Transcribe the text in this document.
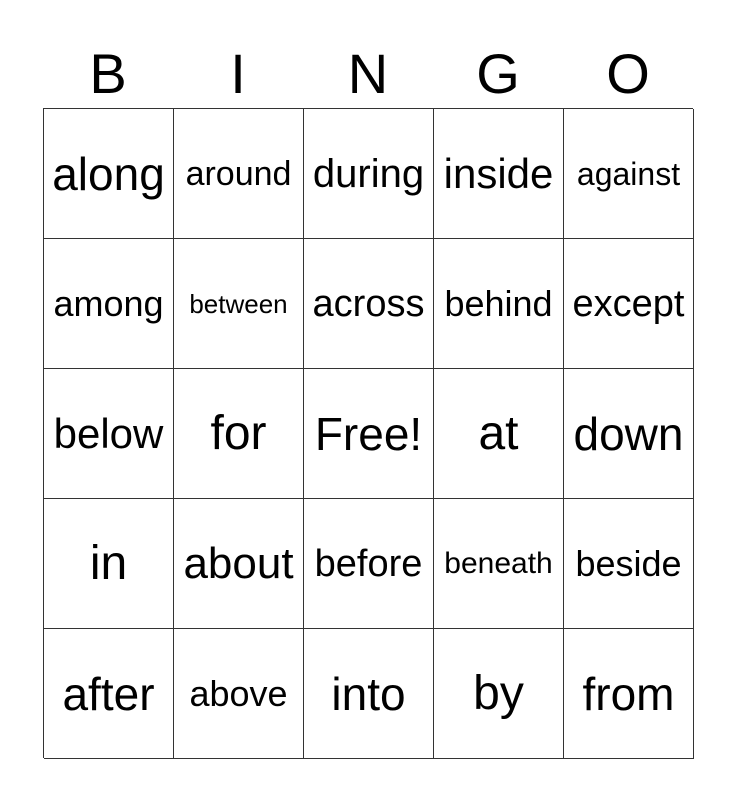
B	I	N	G	O
along around during inside against
among between across behind except
below for	Free!	at	down
in	about before beneath beside
after above into	by	from
